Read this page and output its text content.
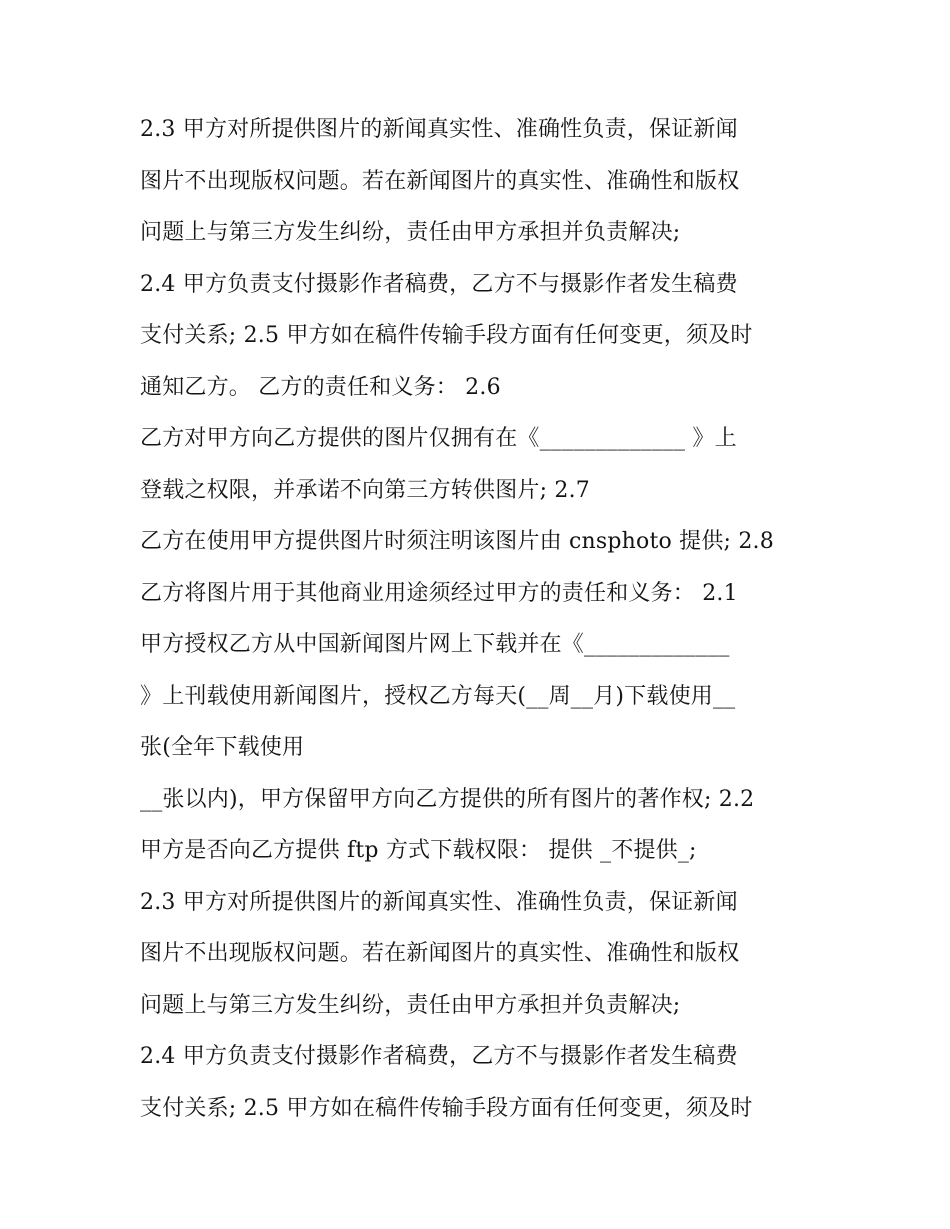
2.3 甲方对所提供图片的新闻真实性、准确性负责，保证新闻
图片不出现版权问题。若在新闻图片的真实性、准确性和版权
问题上与第三方发生纠纷，责任由甲方承担并负责解决;
2.4 甲方负责支付摄影作者稿费，乙方不与摄影作者发生稿费
支付关系; 2.5 甲方如在稿件传输手段方面有任何变更，须及时
通知乙方。 乙方的责任和义务： 2.6
乙方对甲方向乙方提供的图片仅拥有在《_____________ 》上
登载之权限，并承诺不向第三方转供图片; 2.7
乙方在使用甲方提供图片时须注明该图片由 cnsphoto 提供; 2.8
乙方将图片用于其他商业用途须经过甲方的责任和义务： 2.1
甲方授权乙方从中国新闻图片网上下载并在《_____________
》上刊载使用新闻图片，授权乙方每天(__周__月)下载使用__
张(全年下载使用
__张以内)，甲方保留甲方向乙方提供的所有图片的著作权; 2.2
甲方是否向乙方提供 ftp 方式下载权限： 提供 _不提供_;
2.3 甲方对所提供图片的新闻真实性、准确性负责，保证新闻
图片不出现版权问题。若在新闻图片的真实性、准确性和版权
问题上与第三方发生纠纷，责任由甲方承担并负责解决;
2.4 甲方负责支付摄影作者稿费，乙方不与摄影作者发生稿费
支付关系; 2.5 甲方如在稿件传输手段方面有任何变更，须及时
